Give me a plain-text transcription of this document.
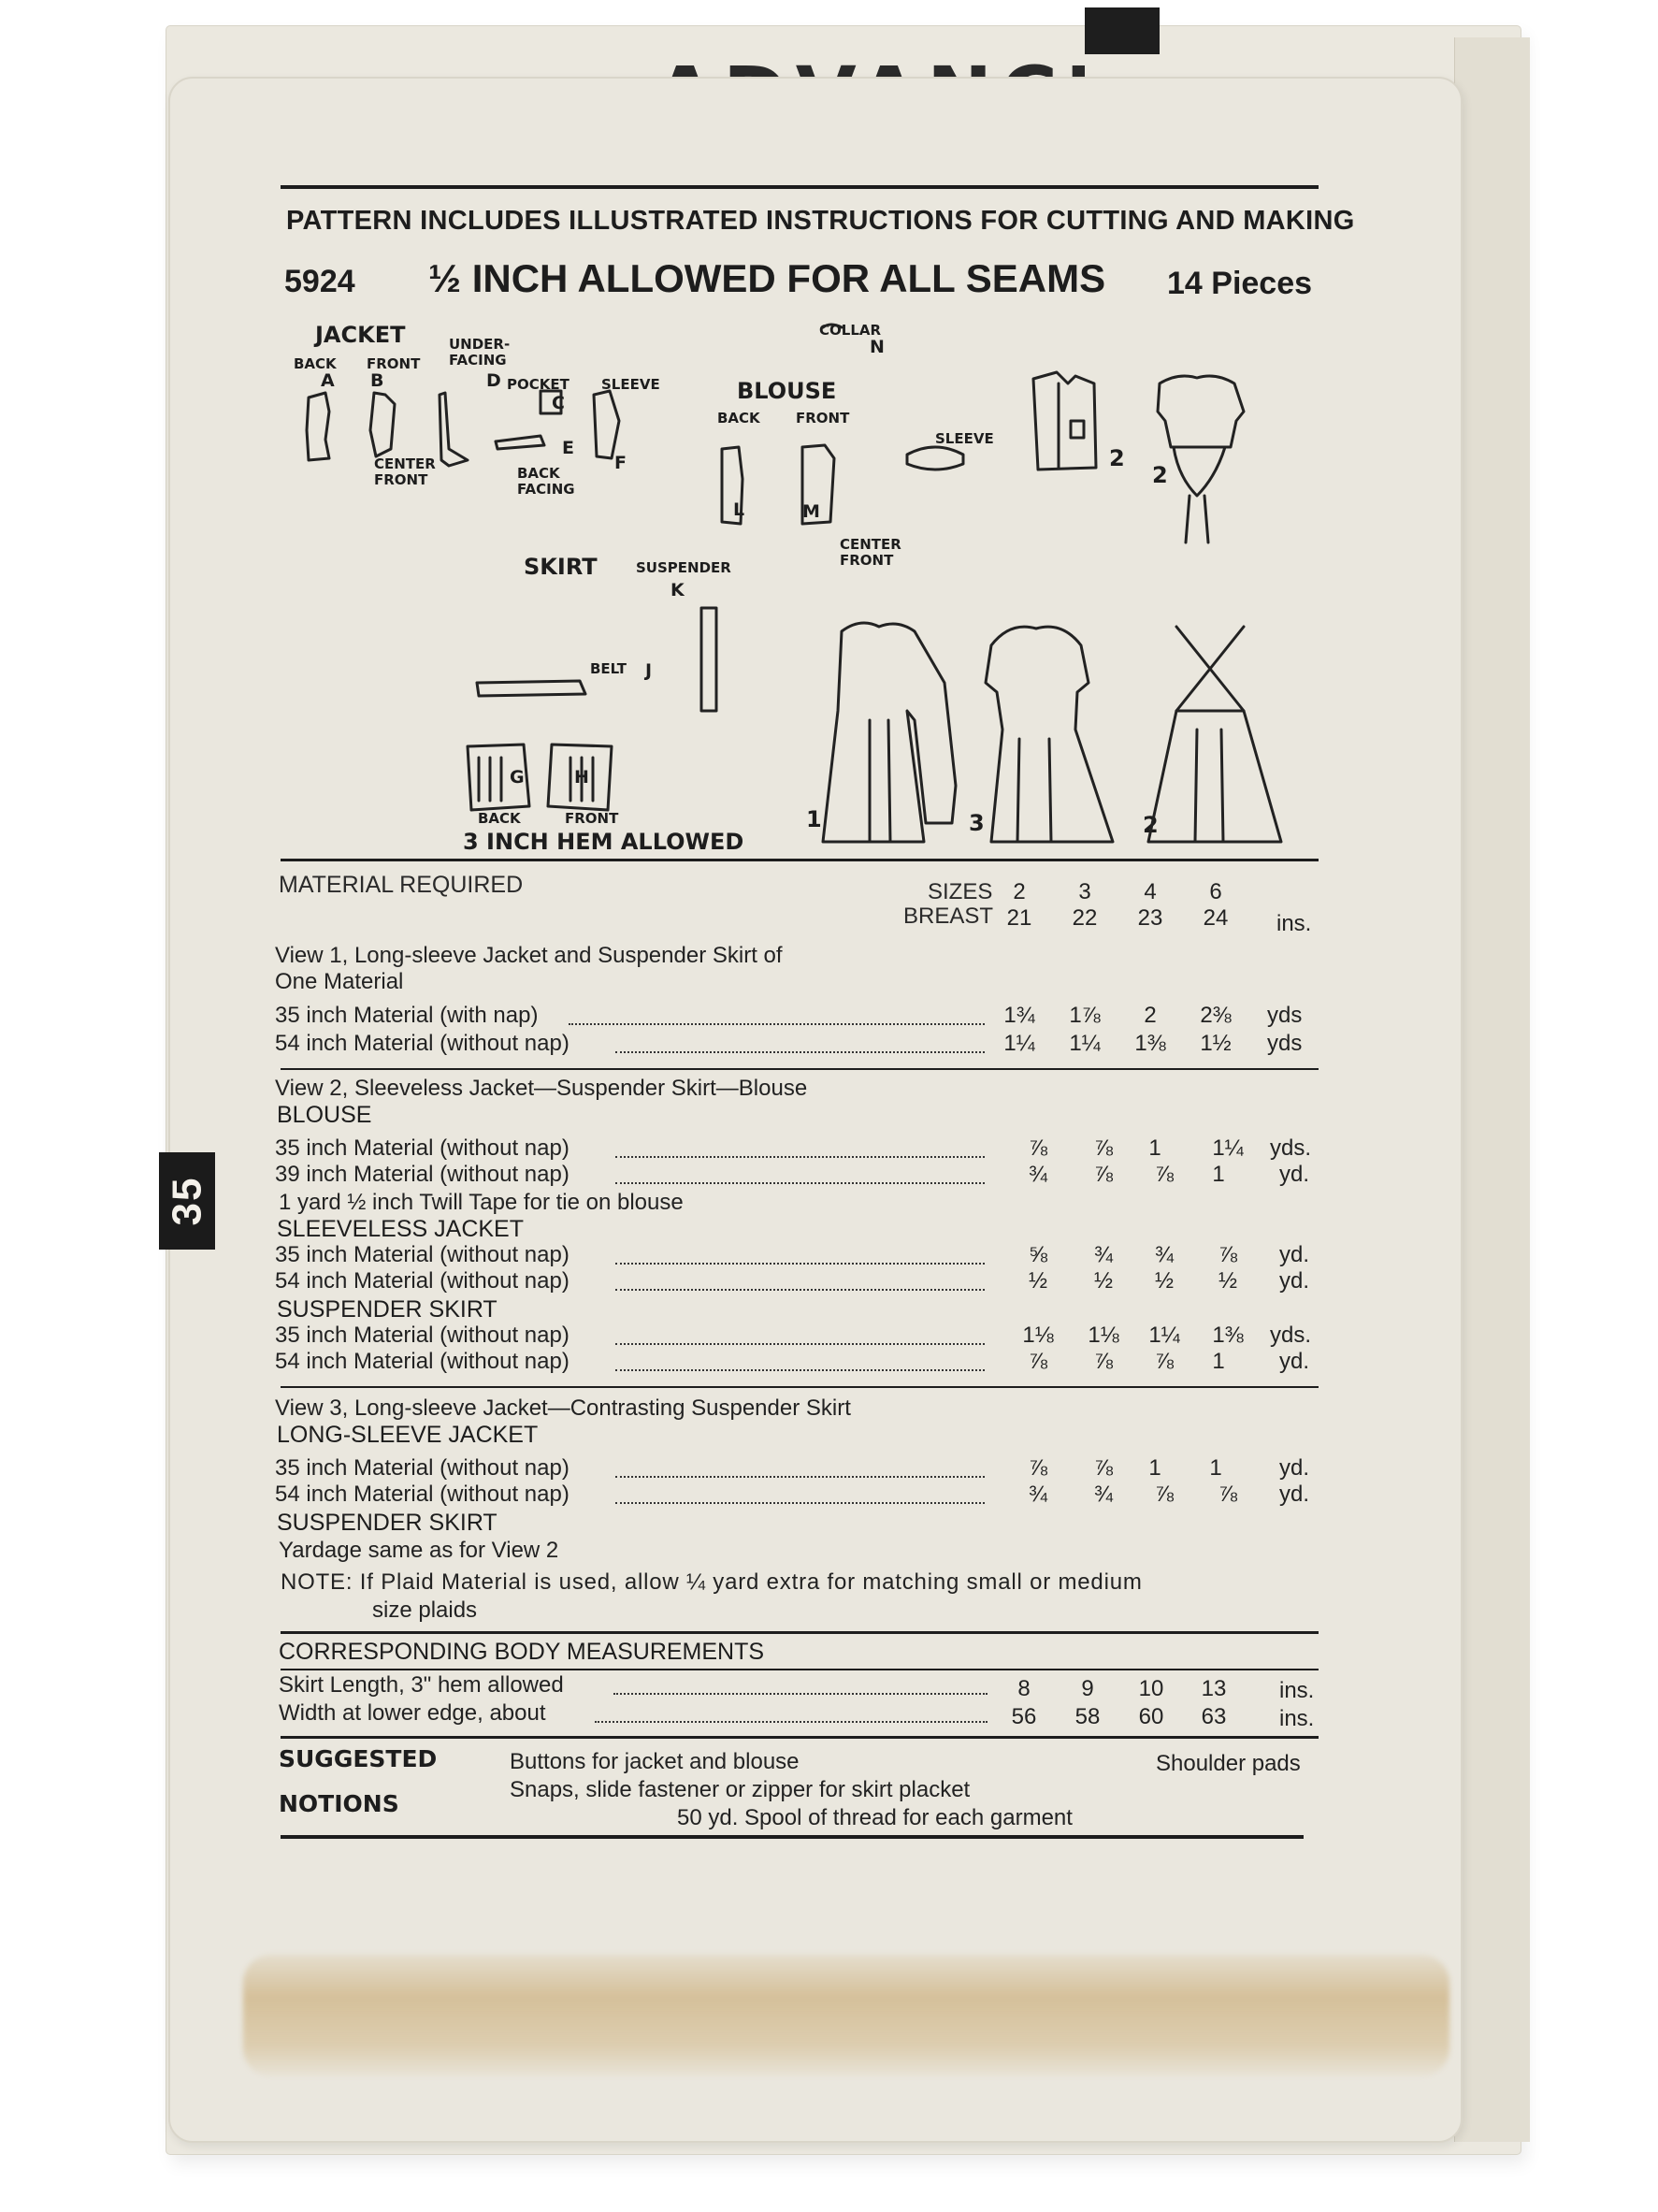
35
PATTERN INCLUDES ILLUSTRATED INSTRUCTIONS FOR CUTTING AND MAKING
5924 ½ INCH ALLOWED FOR ALL SEAMS 14 Pieces
JACKET
BACK FRONT
UNDER-FACING
POCKET SLEEVE
CENTER FRONT	BACK FACING
COLLAR
BLOUSE
BACK	FRONT
SLEEVE
CENTER FRONT
SKIRT	SUSPENDER
BELT
BACK	FRONT
3 INCH HEM ALLOWED
A B
C
D
E
F
G	H
J
K
L	M
N
2
2
1	3	2
MATERIAL REQUIRED	SIZES
BREAST
2	3	4	6
21	22	23	24	ins.
View 1, Long-sleeve Jacket and Suspender Skirt of
One Material
35 inch Material (with nap)	1¾	1⅞	2	2⅜	yds
54 inch Material (without nap)	1¼	1¼	1⅜	1½	yds
View 2, Sleeveless Jacket—Suspender Skirt—Blouse
BLOUSE
35 inch Material (without nap)	⅞	⅞	1	1¼	yds.
39 inch Material (without nap)	¾	⅞	⅞	1	yd.
1 yard ½ inch Twill Tape for tie on blouse
SLEEVELESS JACKET
35 inch Material (without nap)	⅝	¾	¾	⅞	yd.
54 inch Material (without nap)	½	½	½	½	yd.
SUSPENDER SKIRT
35 inch Material (without nap)	1⅛	1⅛	1¼	1⅜	yds.
54 inch Material (without nap)	⅞	⅞	⅞	1	yd.
View 3, Long-sleeve Jacket—Contrasting Suspender Skirt
LONG-SLEEVE JACKET
35 inch Material (without nap)	⅞	⅞	1	1	yd.
54 inch Material (without nap)	¾	¾	⅞	⅞	yd.
SUSPENDER SKIRT
Yardage same as for View 2
NOTE: If Plaid Material is used, allow ¼ yard extra for matching small or medium
size plaids
CORRESPONDING BODY MEASUREMENTS
Skirt Length, 3" hem allowed	8	9	10	13	ins.
Width at lower edge, about	56	58	60	63	ins.
SUGGESTED
NOTIONS
Buttons for jacket and blouse	Shoulder pads
Snaps, slide fastener or zipper for skirt placket
50 yd. Spool of thread for each garment
